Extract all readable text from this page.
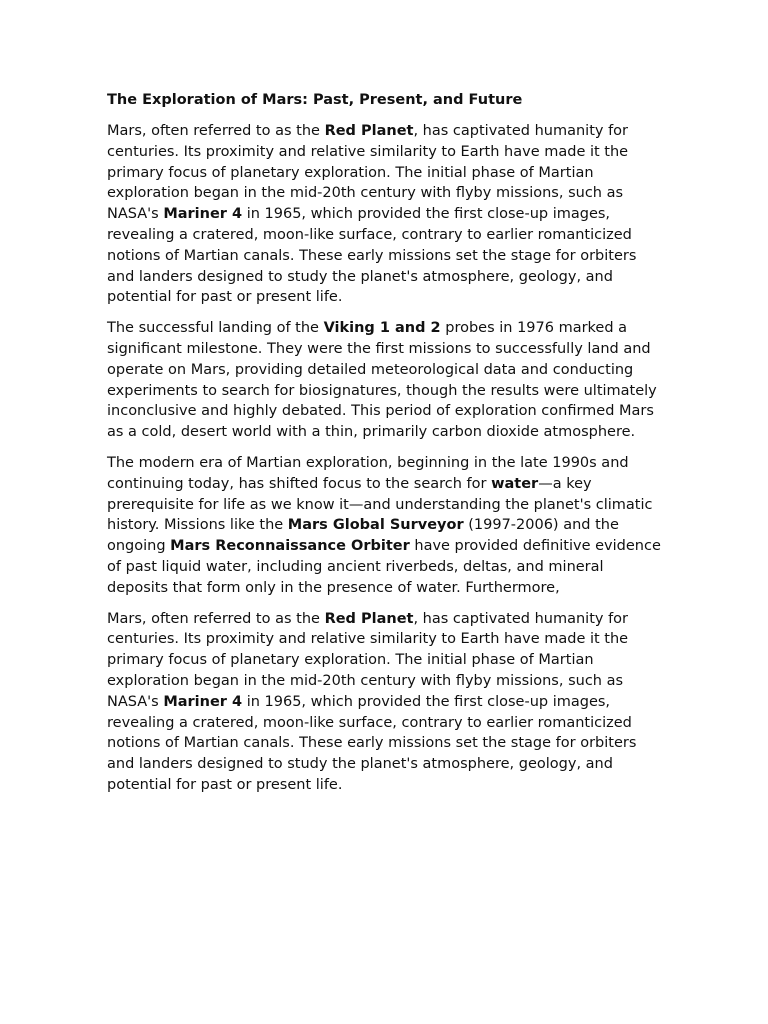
The Exploration of Mars: Past, Present, and Future

Mars, often referred to as the Red Planet, has captivated humanity for centuries. Its proximity and relative similarity to Earth have made it the primary focus of planetary exploration. The initial phase of Martian exploration began in the mid-20th century with flyby missions, such as NASA's Mariner 4 in 1965, which provided the first close-up images, revealing a cratered, moon-like surface, contrary to earlier romanticized notions of Martian canals. These early missions set the stage for orbiters and landers designed to study the planet's atmosphere, geology, and potential for past or present life.

The successful landing of the Viking 1 and 2 probes in 1976 marked a significant milestone. They were the first missions to successfully land and operate on Mars, providing detailed meteorological data and conducting experiments to search for biosignatures, though the results were ultimately inconclusive and highly debated. This period of exploration confirmed Mars as a cold, desert world with a thin, primarily carbon dioxide atmosphere.

The modern era of Martian exploration, beginning in the late 1990s and continuing today, has shifted focus to the search for water—a key prerequisite for life as we know it—and understanding the planet's climatic history. Missions like the Mars Global Surveyor (1997-2006) and the ongoing Mars Reconnaissance Orbiter have provided definitive evidence of past liquid water, including ancient riverbeds, deltas, and mineral deposits that form only in the presence of water. Furthermore,

Mars, often referred to as the Red Planet, has captivated humanity for centuries. Its proximity and relative similarity to Earth have made it the primary focus of planetary exploration. The initial phase of Martian exploration began in the mid-20th century with flyby missions, such as NASA's Mariner 4 in 1965, which provided the first close-up images, revealing a cratered, moon-like surface, contrary to earlier romanticized notions of Martian canals. These early missions set the stage for orbiters and landers designed to study the planet's atmosphere, geology, and potential for past or present life.
